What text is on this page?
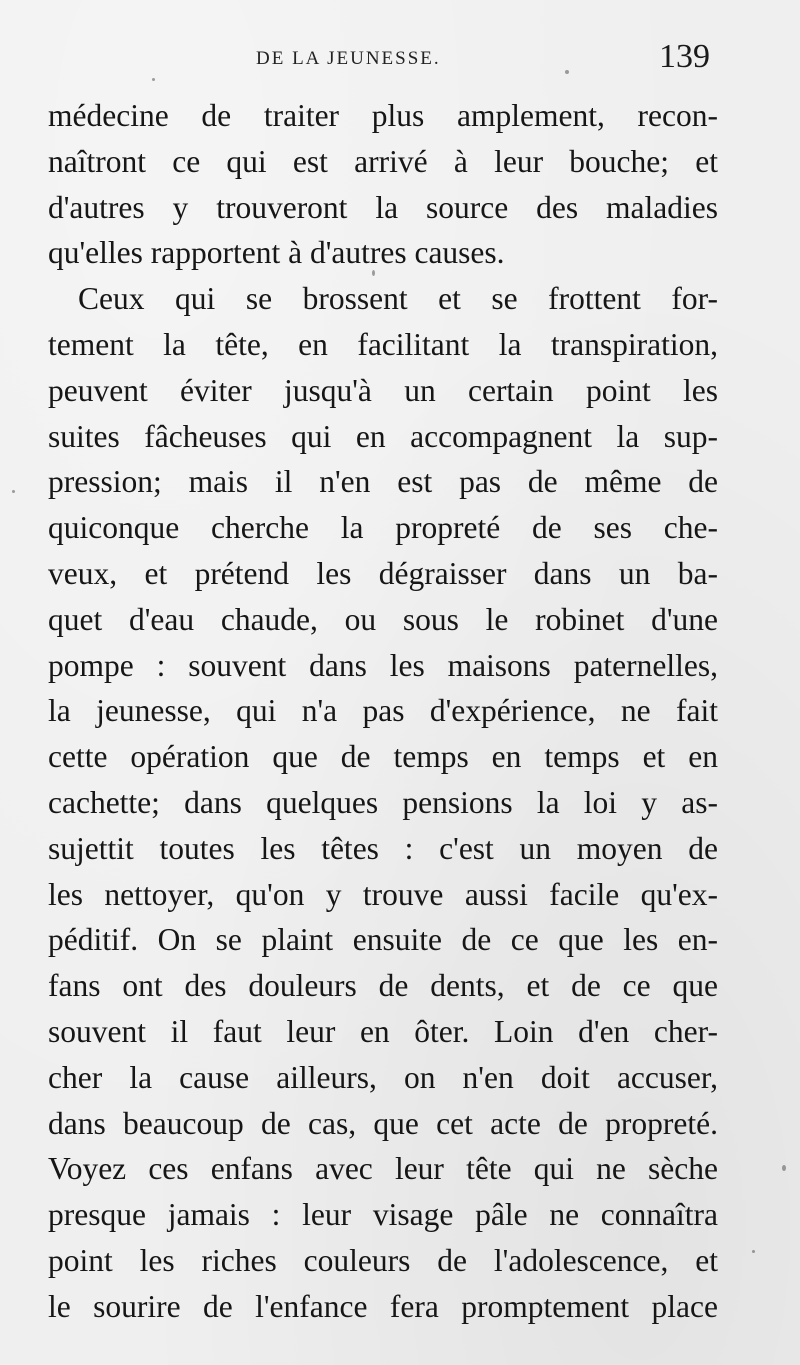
DE LA JEUNESSE.	139
médecine de traiter plus amplement, recon-
naîtront ce qui est arrivé à leur bouche; et
d'autres y trouveront la source des maladies
qu'elles rapportent à d'autres causes.
Ceux qui se brossent et se frottent for-
tement la tête, en facilitant la transpiration,
peuvent éviter jusqu'à un certain point les
suites fâcheuses qui en accompagnent la sup-
pression; mais il n'en est pas de même de
quiconque cherche la propreté de ses che-
veux, et prétend les dégraisser dans un ba-
quet d'eau chaude, ou sous le robinet d'une
pompe : souvent dans les maisons paternelles,
la jeunesse, qui n'a pas d'expérience, ne fait
cette opération que de temps en temps et en
cachette; dans quelques pensions la loi y as-
sujettit toutes les têtes : c'est un moyen de
les nettoyer, qu'on y trouve aussi facile qu'ex-
péditif. On se plaint ensuite de ce que les en-
fans ont des douleurs de dents, et de ce que
souvent il faut leur en ôter. Loin d'en cher-
cher la cause ailleurs, on n'en doit accuser,
dans beaucoup de cas, que cet acte de propreté.
Voyez ces enfans avec leur tête qui ne sèche
presque jamais : leur visage pâle ne connaîtra
point les riches couleurs de l'adolescence, et
le sourire de l'enfance fera promptement place
